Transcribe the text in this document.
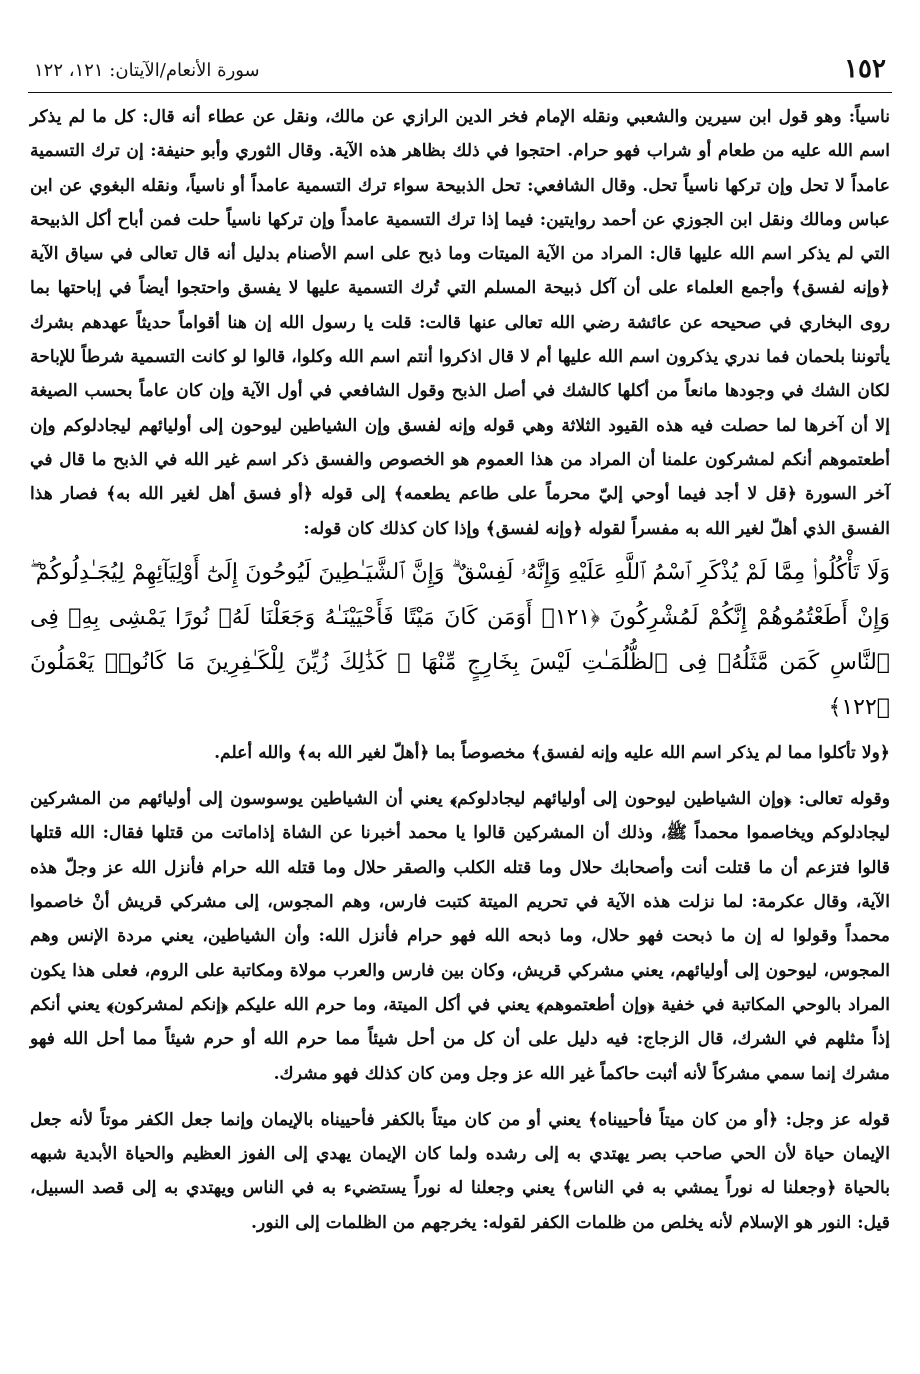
١٥٢
سورة الأنعام/الآيتان: ١٢١، ١٢٢

ناسياً: وهو قول ابن سيرين والشعبي ونقله الإمام فخر الدين الرازي عن مالك، ونقل عن عطاء أنه قال: كل ما لم يذكر اسم الله عليه من طعام أو شراب فهو حرام. احتجوا في ذلك بظاهر هذه الآية. وقال الثوري وأبو حنيفة: إن ترك التسمية عامداً لا تحل وإن تركها ناسياً تحل. وقال الشافعي: تحل الذبيحة سواء ترك التسمية عامداً أو ناسياً، ونقله البغوي عن ابن عباس ومالك ونقل ابن الجوزي عن أحمد روايتين: فيما إذا ترك التسمية عامداً وإن تركها ناسياً حلت فمن أباح أكل الذبيحة التي لم يذكر اسم الله عليها قال: المراد من الآية الميتات وما ذبح على اسم الأصنام بدليل أنه قال تعالى في سياق الآية ﴿وإنه لفسق﴾ وأجمع العلماء على أن آكل ذبيحة المسلم التي تُرك التسمية عليها لا يفسق واحتجوا أيضاً في إباحتها بما روى البخاري في صحيحه عن عائشة رضي الله تعالى عنها قالت: قلت يا رسول الله إن هنا أقواماً حديثاً عهدهم بشرك يأتوننا بلحمان فما ندري يذكرون اسم الله عليها أم لا قال اذكروا أنتم اسم الله وكلوا، قالوا لو كانت التسمية شرطاً للإباحة لكان الشك في وجودها مانعاً من أكلها كالشك في أصل الذبح وقول الشافعي في أول الآية وإن كان عاماً بحسب الصيغة إلا أن آخرها لما حصلت فيه هذه القيود الثلاثة وهي قوله وإنه لفسق وإن الشياطين ليوحون إلى أوليائهم ليجادلوكم وإن أطعتموهم أنكم لمشركون علمنا أن المراد من هذا العموم هو الخصوص والفسق ذكر اسم غير الله في الذبح ما قال في آخر السورة ﴿قل لا أجد فيما أوحي إليّ محرماً على طاعم يطعمه﴾ إلى قوله ﴿أو فسق أهل لغير الله به﴾ فصار هذا الفسق الذي أهلّ لغير الله به مفسراً لقوله ﴿وإنه لفسق﴾ وإذا كان كذلك كان قوله:

وَلَا تَأْكُلُوا۟ مِمَّا لَمْ يُذْكَرِ ٱسْمُ ٱللَّهِ عَلَيْهِ وَإِنَّهُۥ لَفِسْقٌ ۗ وَإِنَّ ٱلشَّيَـٰطِينَ لَيُوحُونَ إِلَىٰٓ أَوْلِيَآئِهِمْ لِيُجَـٰدِلُوكُمْ ۖ وَإِنْ أَطَعْتُمُوهُمْ إِنَّكُمْ لَمُشْرِكُونَ ﴿١٢١﴾ أَوَمَن كَانَ مَيْتًا فَأَحْيَيْنَـٰهُ وَجَعَلْنَا لَهُۥ نُورًا يَمْشِى بِهِۦ فِى ٱلنَّاسِ كَمَن مَّثَلُهُۥ فِى ٱلظُّلُمَـٰتِ لَيْسَ بِخَارِجٍ مِّنْهَا ۚ كَذَٰلِكَ زُيِّنَ لِلْكَـٰفِرِينَ مَا كَانُوا۟ يَعْمَلُونَ ﴿١٢٢﴾

﴿ولا تأكلوا مما لم يذكر اسم الله عليه وإنه لفسق﴾ مخصوصاً بما ﴿أهلّ لغير الله به﴾ والله أعلم.

وقوله تعالى: ﴿وإن الشياطين ليوحون إلى أوليائهم ليجادلوكم﴾ يعني أن الشياطين يوسوسون إلى أوليائهم من المشركين ليجادلوكم ويخاصموا محمداً ﷺ، وذلك أن المشركين قالوا يا محمد أخبرنا عن الشاة إذاماتت من قتلها فقال: الله قتلها قالوا فتزعم أن ما قتلت أنت وأصحابك حلال وما قتله الكلب والصقر حلال وما قتله الله حرام فأنزل الله عز وجلّ هذه الآية، وقال عكرمة: لما نزلت هذه الآية في تحريم الميتة كتبت فارس، وهم المجوس، إلى مشركي قريش أنْ خاصموا محمداً وقولوا له إن ما ذبحت فهو حلال، وما ذبحه الله فهو حرام فأنزل الله: وأن الشياطين، يعني مردة الإنس وهم المجوس، ليوحون إلى أوليائهم، يعني مشركي قريش، وكان بين فارس والعرب مولاة ومكاتبة على الروم، فعلى هذا يكون المراد بالوحي المكاتبة في خفية ﴿وإن أطعتموهم﴾ يعني في أكل الميتة، وما حرم الله عليكم ﴿إنكم لمشركون﴾ يعني أنكم إذاً مثلهم في الشرك، قال الزجاج: فيه دليل على أن كل من أحل شيئاً مما حرم الله أو حرم شيئاً مما أحل الله فهو مشرك إنما سمي مشركاً لأنه أثبت حاكماً غير الله عز وجل ومن كان كذلك فهو مشرك.

قوله عز وجل: ﴿أو من كان ميتاً فأحييناه﴾ يعني أو من كان ميتاً بالكفر فأحييناه بالإيمان وإنما جعل الكفر موتاً لأنه جعل الإيمان حياة لأن الحي صاحب بصر يهتدي به إلى رشده ولما كان الإيمان يهدي إلى الفوز العظيم والحياة الأبدية شبهه بالحياة ﴿وجعلنا له نوراً يمشي به في الناس﴾ يعني وجعلنا له نوراً يستضيء به في الناس ويهتدي به إلى قصد السبيل، قيل: النور هو الإسلام لأنه يخلص من ظلمات الكفر لقوله: يخرجهم من الظلمات إلى النور.
